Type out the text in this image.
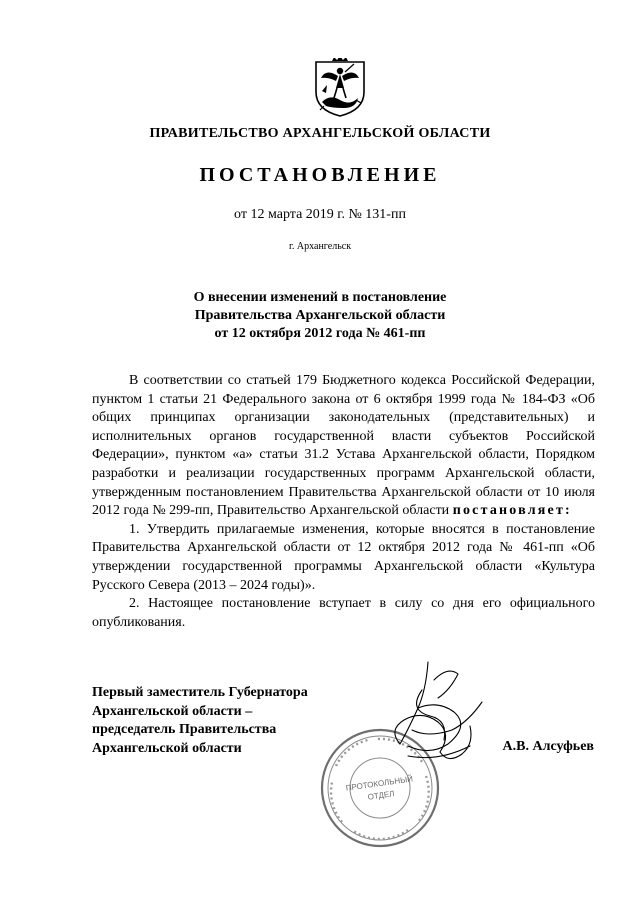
ПРАВИТЕЛЬСТВО АРХАНГЕЛЬСКОЙ ОБЛАСТИ
ПОСТАНОВЛЕНИЕ
от 12 марта 2019 г. № 131-пп
г. Архангельск
О внесении изменений в постановление
Правительства Архангельской области
от 12 октября 2012 года № 461-пп

В соответствии со статьей 179 Бюджетного кодекса Российской Федерации, пунктом 1 статьи 21 Федерального закона от 6 октября 1999 года № 184-ФЗ «Об общих принципах организации законодательных (представительных) и исполнительных органов государственной власти субъектов Российской Федерации», пунктом «а» статьи 31.2 Устава Архангельской области, Порядком разработки и реализации государственных программ Архангельской области, утвержденным постановлением Правительства Архангельской области от 10 июля 2012 года № 299-пп, Правительство Архангельской области постановляет:

1. Утвердить прилагаемые изменения, которые вносятся в постановление Правительства Архангельской области от 12 октября 2012 года № 461-пп «Об утверждении государственной программы Архангельской области «Культура Русского Севера (2013 – 2024 годы)».

2. Настоящее постановление вступает в силу со дня его официального опубликования.

Первый заместитель Губернатора
Архангельской области –
председатель Правительства
Архангельской области	А.В. Алсуфьев
ПРОТОКОЛЬНЫЙ
ОТДЕЛ
